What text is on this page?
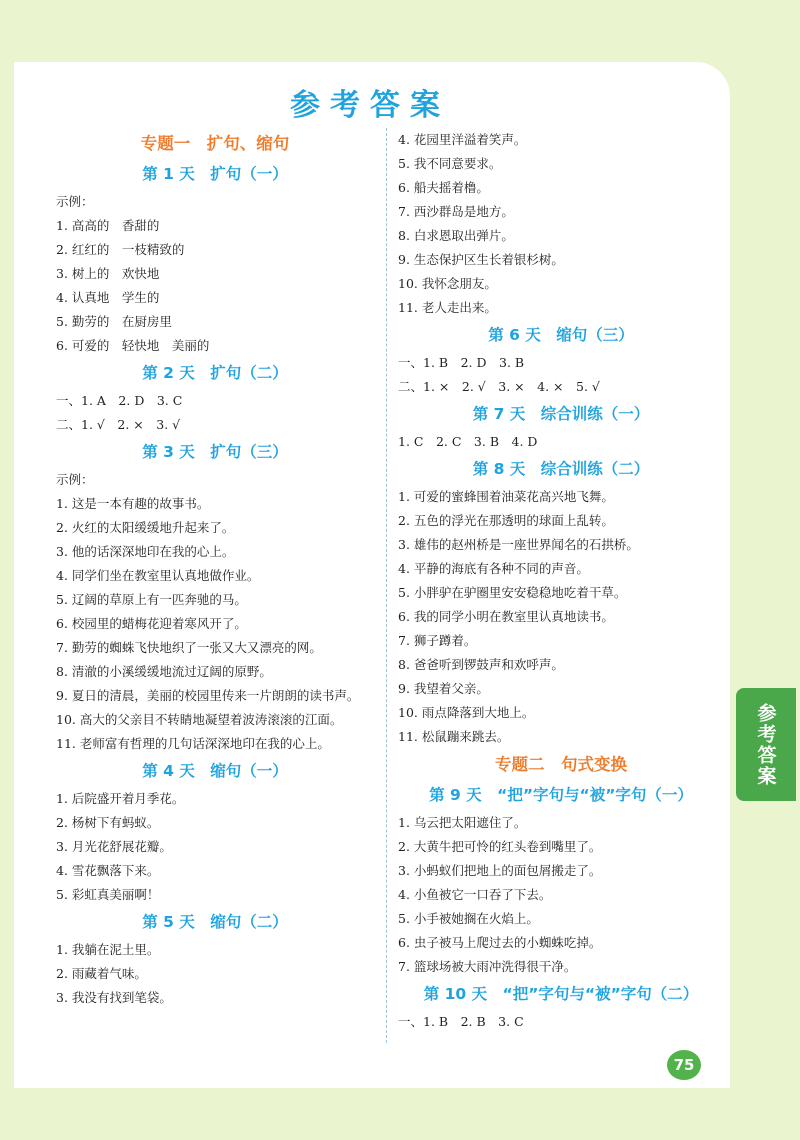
参考答案
专题一　扩句、缩句
第 1 天　扩句（一）
示例：
1. 高高的　香甜的
2. 红红的　一枝精致的
3. 树上的　欢快地
4. 认真地　学生的
5. 勤劳的　在厨房里
6. 可爱的　轻快地　美丽的
第 2 天　扩句（二）
一、1. A　2. D　3. C
二、1. √　2. ×　3. √
第 3 天　扩句（三）
示例：
1. 这是一本有趣的故事书。
2. 火红的太阳缓缓地升起来了。
3. 他的话深深地印在我的心上。
4. 同学们坐在教室里认真地做作业。
5. 辽阔的草原上有一匹奔驰的马。
6. 校园里的蜡梅花迎着寒风开了。
7. 勤劳的蜘蛛飞快地织了一张又大又漂亮的网。
8. 清澈的小溪缓缓地流过辽阔的原野。
9. 夏日的清晨，美丽的校园里传来一片朗朗的读书声。
10. 高大的父亲目不转睛地凝望着波涛滚滚的江面。
11. 老师富有哲理的几句话深深地印在我的心上。
第 4 天　缩句（一）
1. 后院盛开着月季花。
2. 杨树下有蚂蚁。
3. 月光花舒展花瓣。
4. 雪花飘落下来。
5. 彩虹真美丽啊！
第 5 天　缩句（二）
1. 我躺在泥土里。
2. 雨藏着气味。
3. 我没有找到笔袋。
4. 花园里洋溢着笑声。
5. 我不同意要求。
6. 船夫摇着橹。
7. 西沙群岛是地方。
8. 白求恩取出弹片。
9. 生态保护区生长着银杉树。
10. 我怀念朋友。
11. 老人走出来。
第 6 天　缩句（三）
一、1. B　2. D　3. B
二、1. ×　2. √　3. ×　4. ×　5. √
第 7 天　综合训练（一）
1. C　2. C　3. B　4. D
第 8 天　综合训练（二）
1. 可爱的蜜蜂围着油菜花高兴地飞舞。
2. 五色的浮光在那透明的球面上乱转。
3. 雄伟的赵州桥是一座世界闻名的石拱桥。
4. 平静的海底有各种不同的声音。
5. 小胖驴在驴圈里安安稳稳地吃着干草。
6. 我的同学小明在教室里认真地读书。
7. 狮子蹲着。
8. 爸爸听到锣鼓声和欢呼声。
9. 我望着父亲。
10. 雨点降落到大地上。
11. 松鼠蹦来跳去。
专题二　句式变换
第 9 天　“把”字句与“被”字句（一）
1. 乌云把太阳遮住了。
2. 大黄牛把可怜的红头卷到嘴里了。
3. 小蚂蚁们把地上的面包屑搬走了。
4. 小鱼被它一口吞了下去。
5. 小手被她搁在火焰上。
6. 虫子被马上爬过去的小蜘蛛吃掉。
7. 篮球场被大雨冲洗得很干净。
第 10 天　“把”字句与“被”字句（二）
一、1. B　2. B　3. C
参考答案
75
